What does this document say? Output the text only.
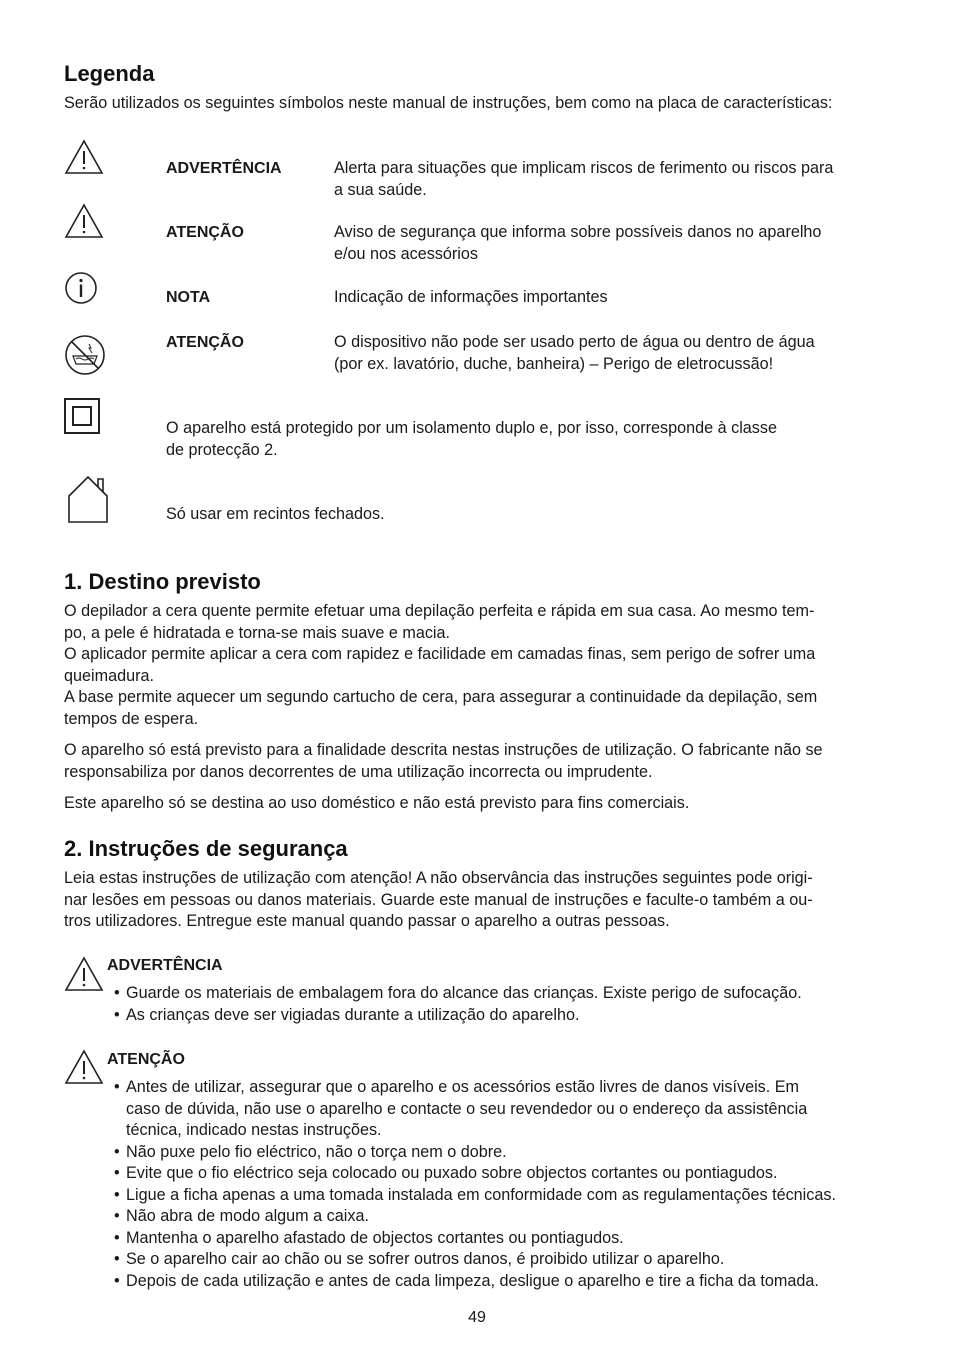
Legenda
Serão utilizados os seguintes símbolos neste manual de instruções, bem como na placa de características:
ADVERTÊNCIA	Alerta para situações que implicam riscos de ferimento ou riscos para
a sua saúde.
ATENÇÃO	Aviso de segurança que informa sobre possíveis danos no aparelho
e/ou nos acessórios
NOTA	Indicação de informações importantes
ATENÇÃO	O dispositivo não pode ser usado perto de água ou dentro de água
(por ex. lavatório, duche, banheira) – Perigo de eletrocussão!
O aparelho está protegido por um isolamento duplo e, por isso, corresponde à classe
de protecção 2.
Só usar em recintos fechados.
1. Destino previsto
O depilador a cera quente permite efetuar uma depilação perfeita e rápida em sua casa. Ao mesmo tem-
po, a pele é hidratada e torna-se mais suave e macia.
O aplicador permite aplicar a cera com rapidez e facilidade em camadas finas, sem perigo de sofrer uma
queimadura.
A base permite aquecer um segundo cartucho de cera, para assegurar a continuidade da depilação, sem
tempos de espera.
O aparelho só está previsto para a finalidade descrita nestas instruções de utilização. O fabricante não se
responsabiliza por danos decorrentes de uma utilização incorrecta ou imprudente.
Este aparelho só se destina ao uso doméstico e não está previsto para fins comerciais.
2. Instruções de segurança
Leia estas instruções de utilização com atenção! A não observância das instruções seguintes pode origi-
nar lesões em pessoas ou danos materiais. Guarde este manual de instruções e faculte-o também a ou-
tros utilizadores. Entregue este manual quando passar o aparelho a outras pessoas.
ADVERTÊNCIA
• Guarde os materiais de embalagem fora do alcance das crianças. Existe perigo de sufocação.
• As crianças deve ser vigiadas durante a utilização do aparelho.
ATENÇÃO
• Antes de utilizar, assegurar que o aparelho e os acessórios estão livres de danos visíveis. Em
caso de dúvida, não use o aparelho e contacte o seu revendedor ou o endereço da assistência
técnica, indicado nestas instruções.
• Não puxe pelo fio eléctrico, não o torça nem o dobre.
• Evite que o fio eléctrico seja colocado ou puxado sobre objectos cortantes ou pontiagudos.
• Ligue a ficha apenas a uma tomada instalada em conformidade com as regulamentações técnicas.
• Não abra de modo algum a caixa.
• Mantenha o aparelho afastado de objectos cortantes ou pontiagudos.
• Se o aparelho cair ao chão ou se sofrer outros danos, é proibido utilizar o aparelho.
• Depois de cada utilização e antes de cada limpeza, desligue o aparelho e tire a ficha da tomada.
49
